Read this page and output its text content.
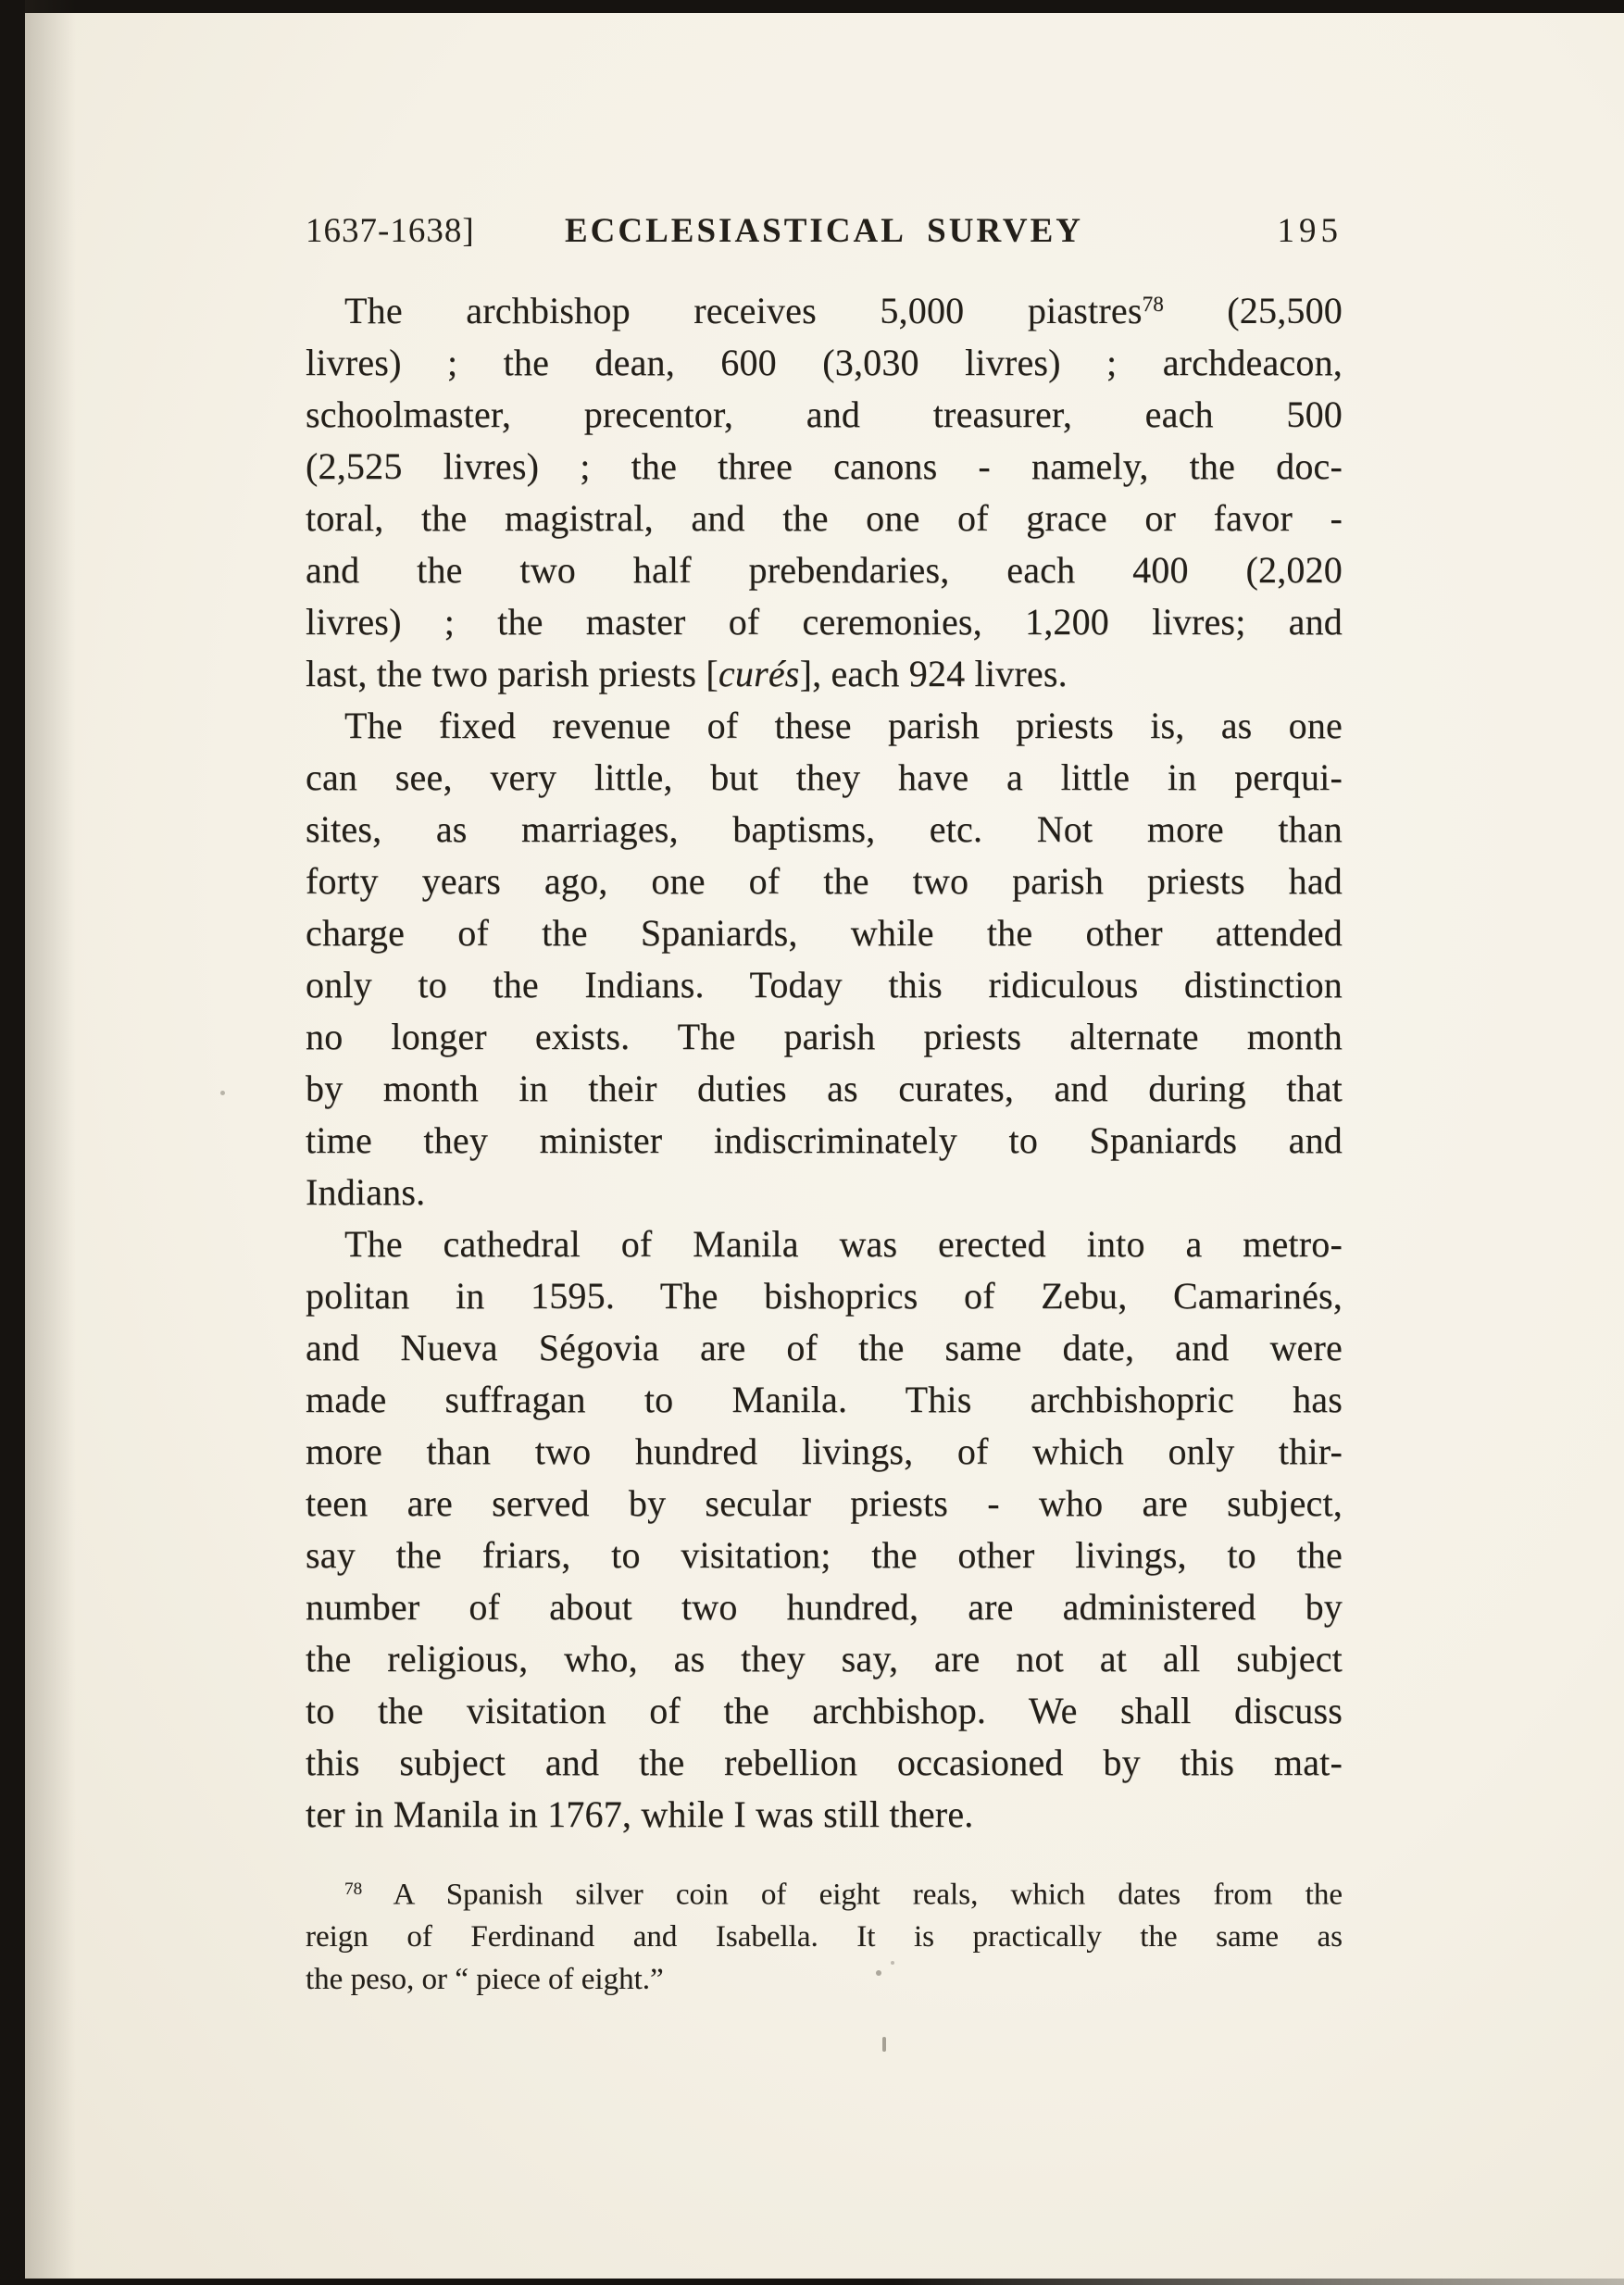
1637-1638]	ECCLESIASTICAL SURVEY	195
The archbishop receives 5,000 piastres$^{78}$ (25,500
livres) ; the dean, 600 (3,030 livres) ; archdeacon,
schoolmaster, precentor, and treasurer, each 500
(2,525 livres) ; the three canons - namely, the doc-
toral, the magistral, and the one of grace or favor -
and the two half prebendaries, each 400 (2,020
livres) ; the master of ceremonies, 1,200 livres; and
last, the two parish priests [curés], each 924 livres.
The fixed revenue of these parish priests is, as one
can see, very little, but they have a little in perqui-
sites, as marriages, baptisms, etc. Not more than
forty years ago, one of the two parish priests had
charge of the Spaniards, while the other attended
only to the Indians. Today this ridiculous distinction
no longer exists. The parish priests alternate month
by month in their duties as curates, and during that
time they minister indiscriminately to Spaniards and
Indians.
The cathedral of Manila was erected into a metro-
politan in 1595. The bishoprics of Zebu, Camarinés,
and Nueva Ségovia are of the same date, and were
made suffragan to Manila. This archbishopric has
more than two hundred livings, of which only thir-
teen are served by secular priests - who are subject,
say the friars, to visitation; the other livings, to the
number of about two hundred, are administered by
the religious, who, as they say, are not at all subject
to the visitation of the archbishop. We shall discuss
this subject and the rebellion occasioned by this mat-
ter in Manila in 1767, while I was still there.
$^{78}$ A Spanish silver coin of eight reals, which dates from the
reign of Ferdinand and Isabella. It is practically the same as
the peso, or “ piece of eight.”
